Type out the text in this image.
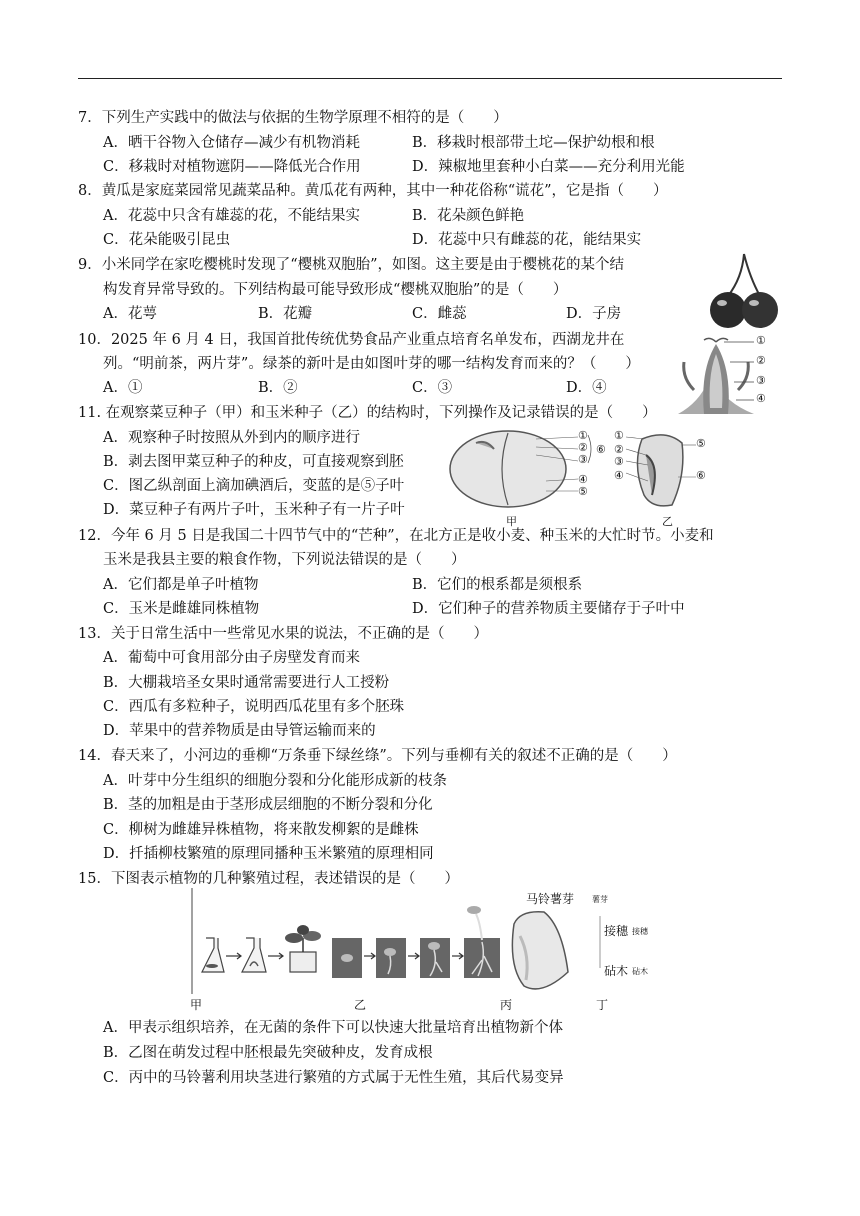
7．下列生产实践中的做法与依据的生物学原理不相符的是（　　）
A．晒干谷物入仓储存—减少有机物消耗	B．移栽时根部带土坨—保护幼根和根
C．移栽时对植物遮阴——降低光合作用	D．辣椒地里套种小白菜——充分利用光能
8．黄瓜是家庭菜园常见蔬菜品种。黄瓜花有两种，其中一种花俗称“谎花”，它是指（　　）
A．花蕊中只含有雄蕊的花，不能结果实	B．花朵颜色鲜艳
C．花朵能吸引昆虫	D．花蕊中只有雌蕊的花，能结果实
9．小米同学在家吃樱桃时发现了“樱桃双胞胎”，如图。这主要是由于樱桃花的某个结
构发育异常导致的。下列结构最可能导致形成“樱桃双胞胎”的是（　　）
A．花萼	B．花瓣	C．雌蕊	D．子房
10．2025 年 6 月 4 日，我国首批传统优势食品产业重点培育名单发布，西湖龙井在
列。“明前茶，两片芽”。绿茶的新叶是由如图叶芽的哪一结构发育而来的？（　　）
A．①	B．②	C．③	D．④
①
②
③
④
11. 在观察菜豆种子（甲）和玉米种子（乙）的结构时，下列操作及记录错误的是（　　）
A．观察种子时按照从外到内的顺序进行
B．剥去图甲菜豆种子的种皮，可直接观察到胚
C．图乙纵剖面上滴加碘酒后，变蓝的是⑤子叶
D．菜豆种子有两片子叶，玉米种子有一片子叶
①
②
③
④
⑤
⑥
①
②
③
④
⑤
⑥
甲	乙
12．今年 6 月 5 日是我国二十四节气中的“芒种”，在北方正是收小麦、种玉米的大忙时节。小麦和
玉米是我县主要的粮食作物，下列说法错误的是（　　）
A．它们都是单子叶植物	B．它们的根系都是须根系
C．玉米是雌雄同株植物	D．它们种子的营养物质主要储存于子叶中
13．关于日常生活中一些常见水果的说法，不正确的是（　　）
A．葡萄中可食用部分由子房壁发育而来
B．大棚栽培圣女果时通常需要进行人工授粉
C．西瓜有多粒种子，说明西瓜花里有多个胚珠
D．苹果中的营养物质是由导管运输而来的
14．春天来了，小河边的垂柳“万条垂下绿丝绦”。下列与垂柳有关的叙述不正确的是（　　）
A．叶芽中分生组织的细胞分裂和分化能形成新的枝条
B．茎的加粗是由于茎形成层细胞的不断分裂和分化
C．柳树为雌雄异株植物，将来散发柳絮的是雌株
D．扦插柳枝繁殖的原理同播种玉米繁殖的原理相同
15．下图表示植物的几种繁殖过程，表述错误的是（　　）
马铃薯芽 薯芽
接穗 接穗
砧木 砧木
甲	乙	丙	丁
A．甲表示组织培养，在无菌的条件下可以快速大批量培育出植物新个体
B．乙图在萌发过程中胚根最先突破种皮，发育成根
C．丙中的马铃薯利用块茎进行繁殖的方式属于无性生殖，其后代易变异
